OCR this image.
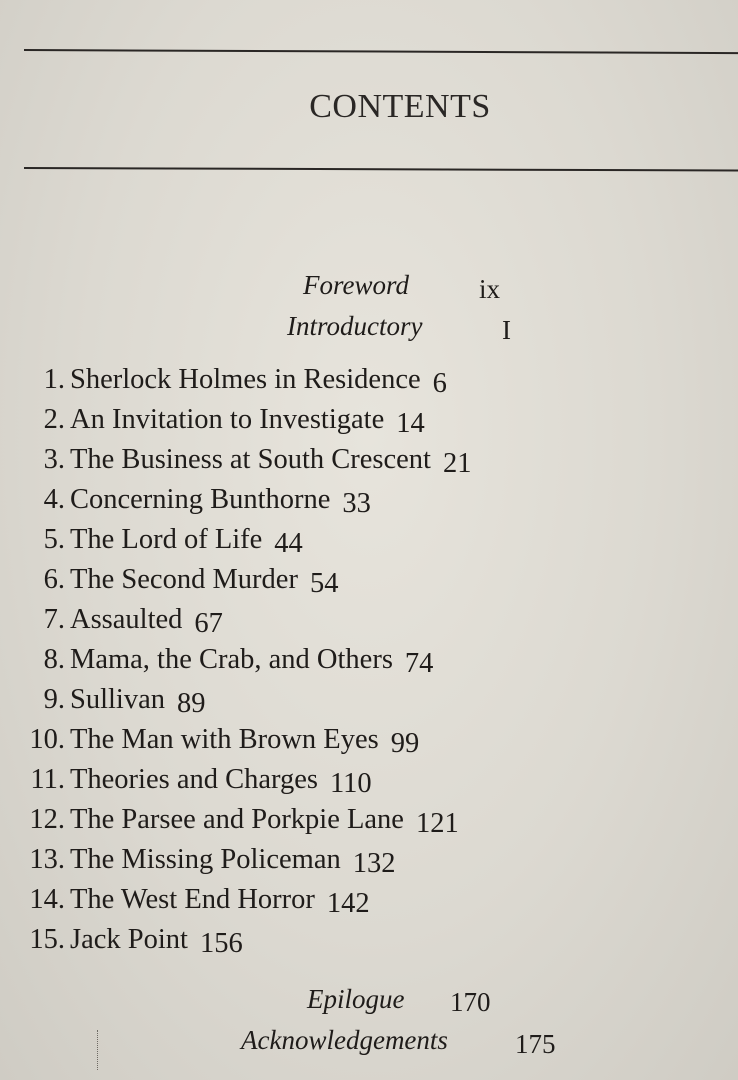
CONTENTS
Foreword	ix
Introductory	I
1. Sherlock Holmes in Residence 6
2. An Invitation to Investigate 14
3. The Business at South Crescent 21
4. Concerning Bunthorne 33
5. The Lord of Life 44
6. The Second Murder 54
7. Assaulted 67
8. Mama, the Crab, and Others 74
9. Sullivan 89
10. The Man with Brown Eyes 99
11. Theories and Charges 110
12. The Parsee and Porkpie Lane 121
13. The Missing Policeman 132
14. The West End Horror 142
15. Jack Point 156
Epilogue 170
Acknowledgements 175
